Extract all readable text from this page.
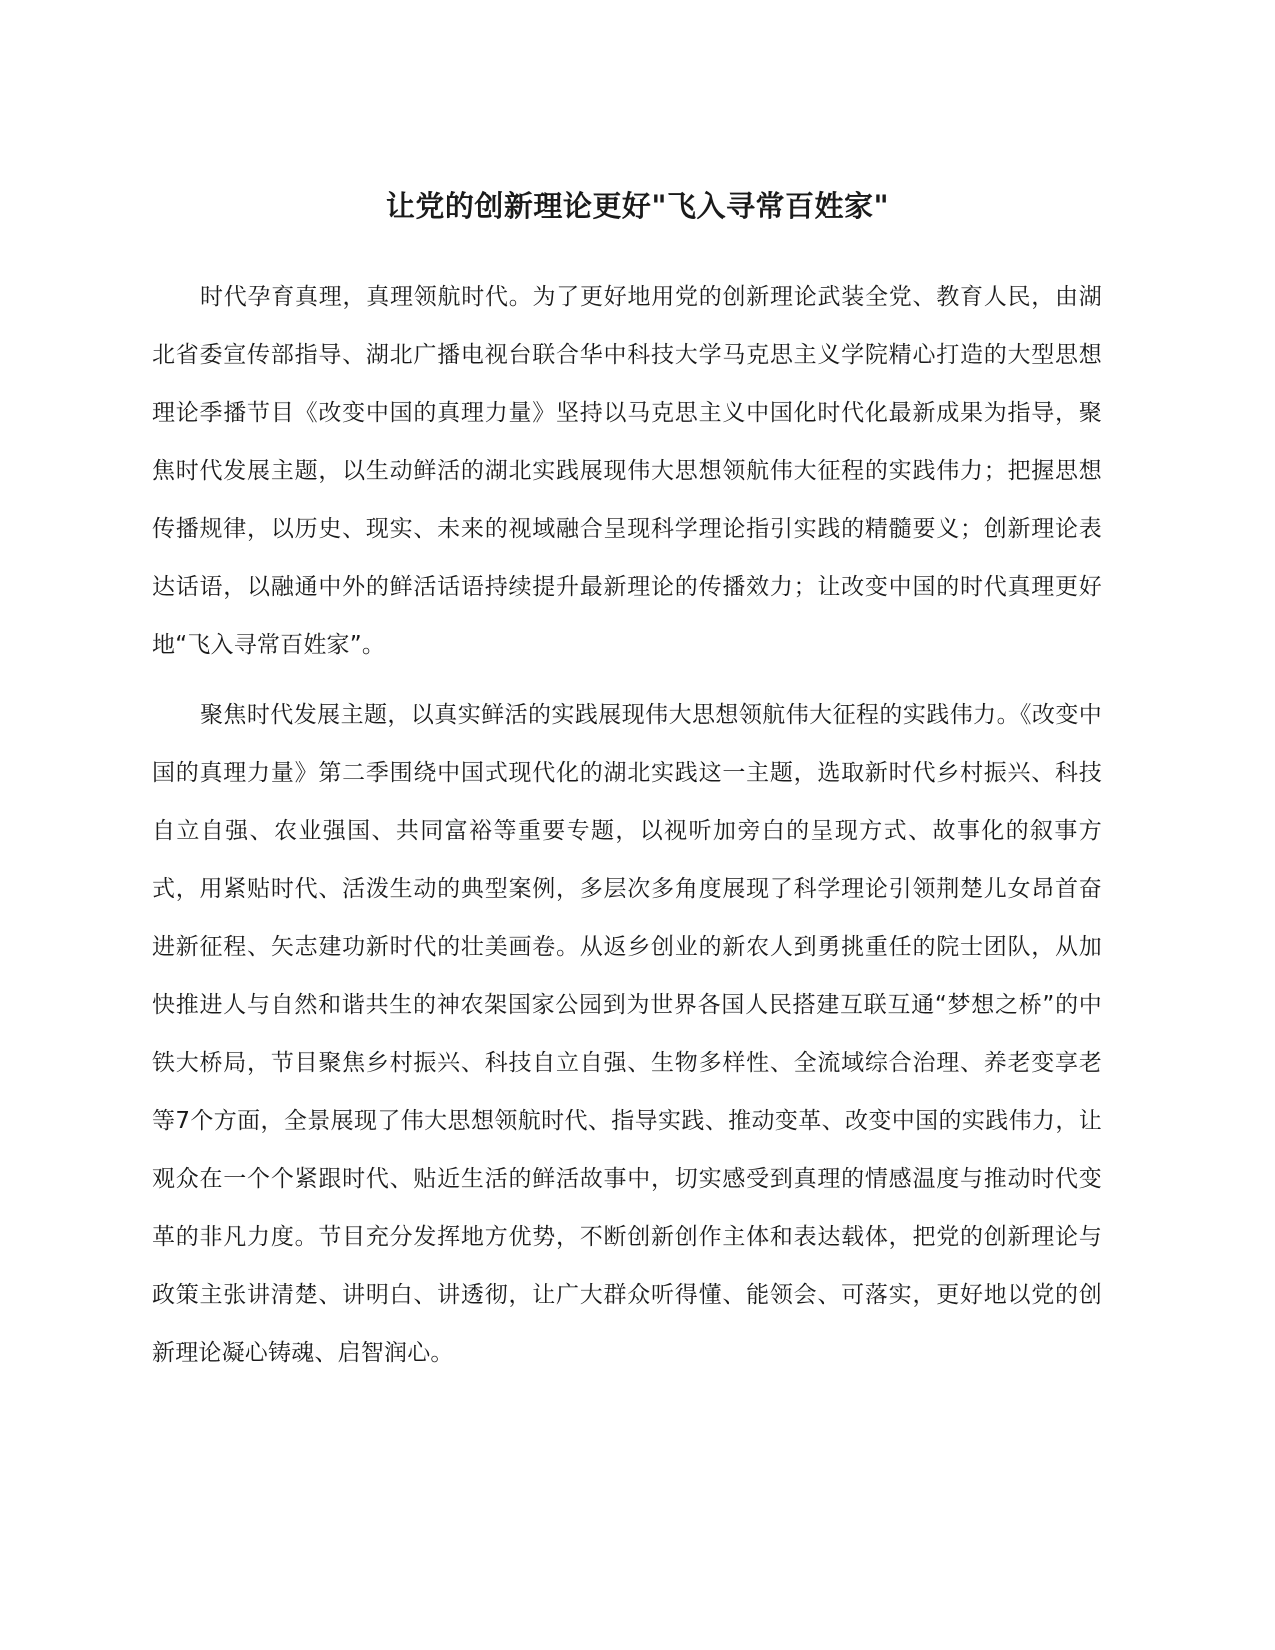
让党的创新理论更好"飞入寻常百姓家"

时代孕育真理，真理领航时代。为了更好地用党的创新理论武装全党、教育人民，由湖北省委宣传部指导、湖北广播电视台联合华中科技大学马克思主义学院精心打造的大型思想理论季播节目《改变中国的真理力量》坚持以马克思主义中国化时代化最新成果为指导，聚焦时代发展主题，以生动鲜活的湖北实践展现伟大思想领航伟大征程的实践伟力；把握思想传播规律，以历史、现实、未来的视域融合呈现科学理论指引实践的精髓要义；创新理论表达话语，以融通中外的鲜活话语持续提升最新理论的传播效力；让改变中国的时代真理更好地“飞入寻常百姓家”。

聚焦时代发展主题，以真实鲜活的实践展现伟大思想领航伟大征程的实践伟力。《改变中国的真理力量》第二季围绕中国式现代化的湖北实践这一主题，选取新时代乡村振兴、科技自立自强、农业强国、共同富裕等重要专题，以视听加旁白的呈现方式、故事化的叙事方式，用紧贴时代、活泼生动的典型案例，多层次多角度展现了科学理论引领荆楚儿女昂首奋进新征程、矢志建功新时代的壮美画卷。从返乡创业的新农人到勇挑重任的院士团队，从加快推进人与自然和谐共生的神农架国家公园到为世界各国人民搭建互联互通“梦想之桥”的中铁大桥局，节目聚焦乡村振兴、科技自立自强、生物多样性、全流域综合治理、养老变享老等7个方面，全景展现了伟大思想领航时代、指导实践、推动变革、改变中国的实践伟力，让观众在一个个紧跟时代、贴近生活的鲜活故事中，切实感受到真理的情感温度与推动时代变革的非凡力度。节目充分发挥地方优势，不断创新创作主体和表达载体，把党的创新理论与政策主张讲清楚、讲明白、讲透彻，让广大群众听得懂、能领会、可落实，更好地以党的创新理论凝心铸魂、启智润心。
